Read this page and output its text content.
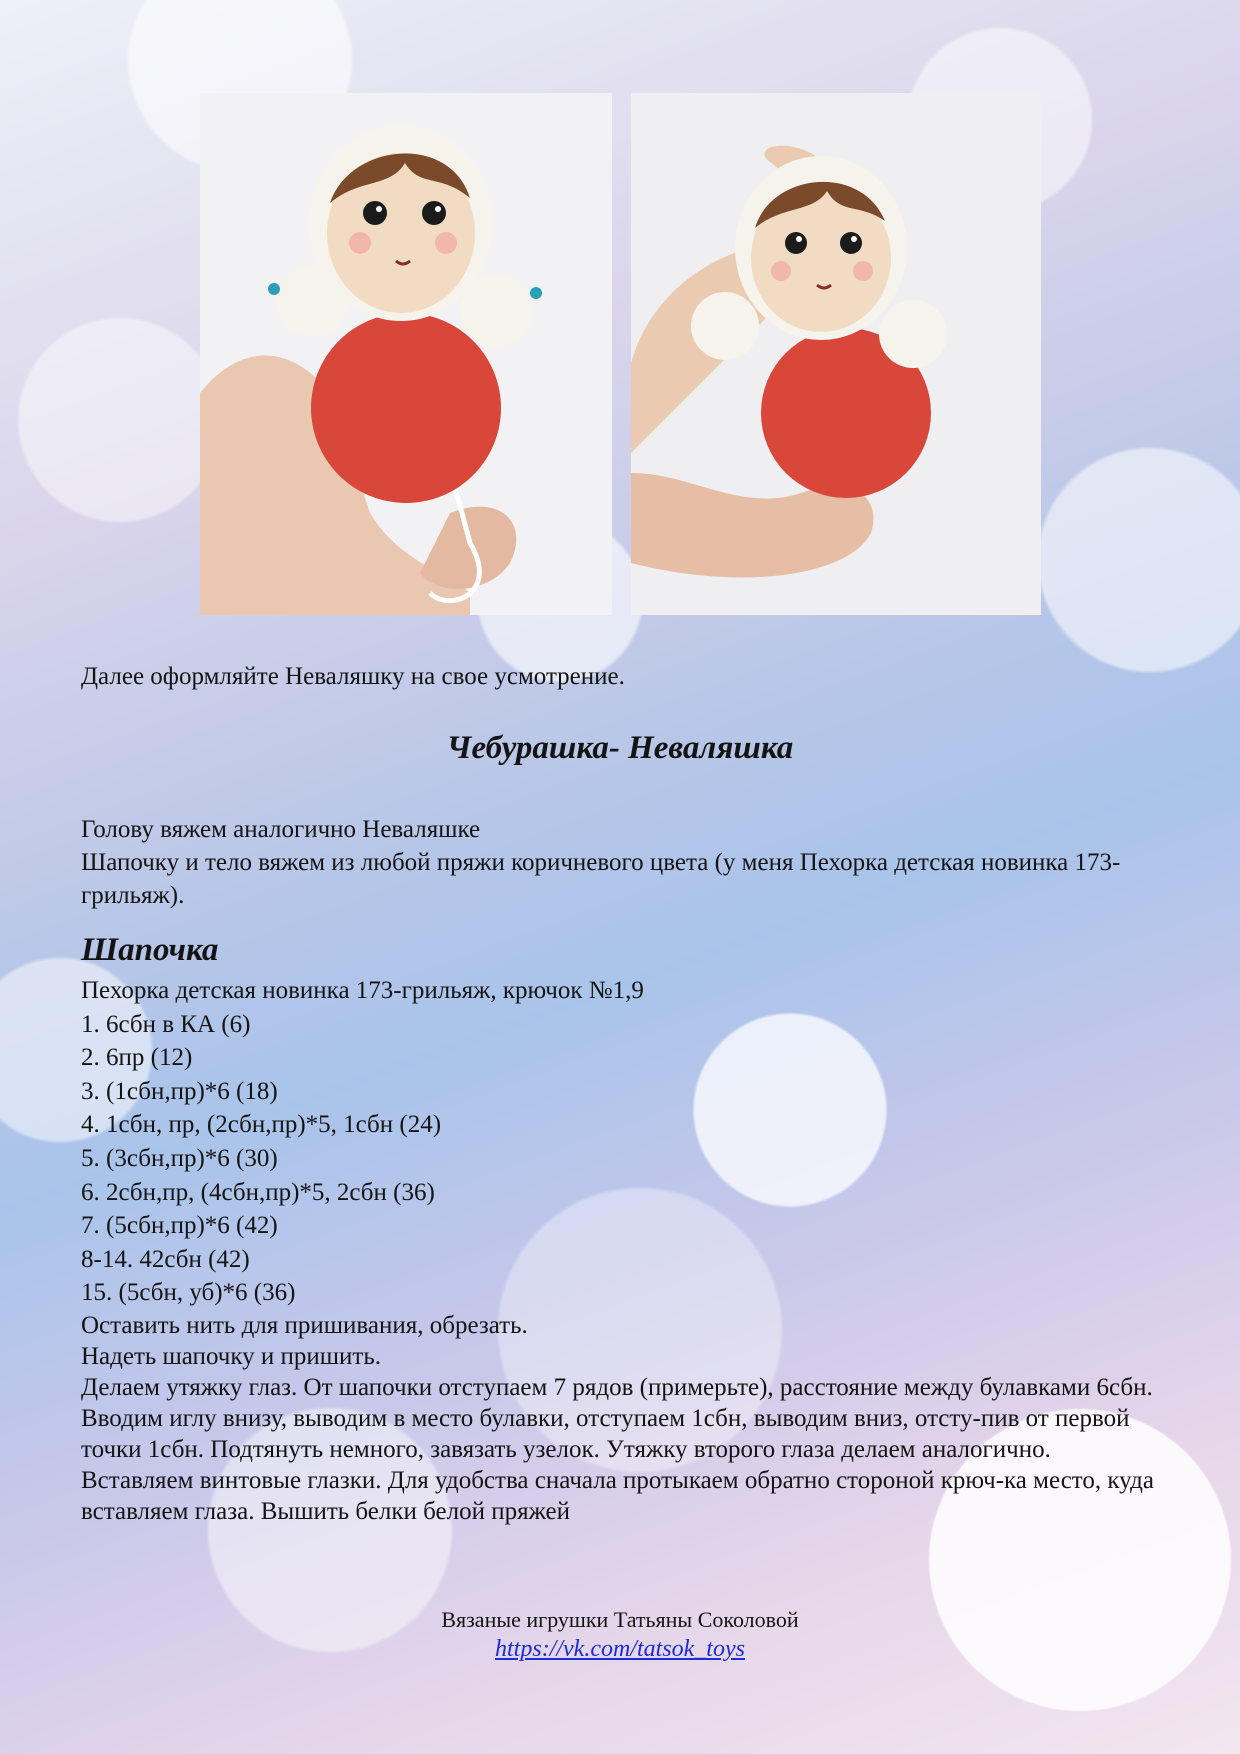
Далее оформляйте Неваляшку на свое усмотрение.
Чебурашка- Неваляшка
Голову вяжем аналогично Неваляшке
Шапочку и тело вяжем из любой пряжи коричневого цвета (у меня Пехорка детская новинка 173-грильяж).
Шапочка
Пехорка детская новинка 173-грильяж, крючок №1,9
1. 6сбн в КА (6)
2. 6пр (12)
3. (1сбн,пр)*6 (18)
4. 1сбн, пр, (2сбн,пр)*5, 1сбн (24)
5. (3сбн,пр)*6 (30)
6. 2сбн,пр, (4сбн,пр)*5, 2сбн (36)
7. (5сбн,пр)*6 (42)
8-14. 42сбн (42)
15. (5сбн, уб)*6 (36)
Оставить нить для пришивания, обрезать.
Надеть шапочку и пришить.
Делаем утяжку глаз. От шапочки отступаем 7 рядов (примерьте), расстояние между булавками 6сбн.
Вводим иглу внизу, выводим в место булавки, отступаем 1сбн, выводим вниз, отсту-пив от первой точки 1сбн. Подтянуть немного, завязать узелок. Утяжку второго глаза делаем аналогично.
Вставляем винтовые глазки. Для удобства сначала протыкаем обратно стороной крюч-ка место, куда вставляем глаза. Вышить белки белой пряжей
Вязаные игрушки Татьяны Соколовой
https://vk.com/tatsok_toys
